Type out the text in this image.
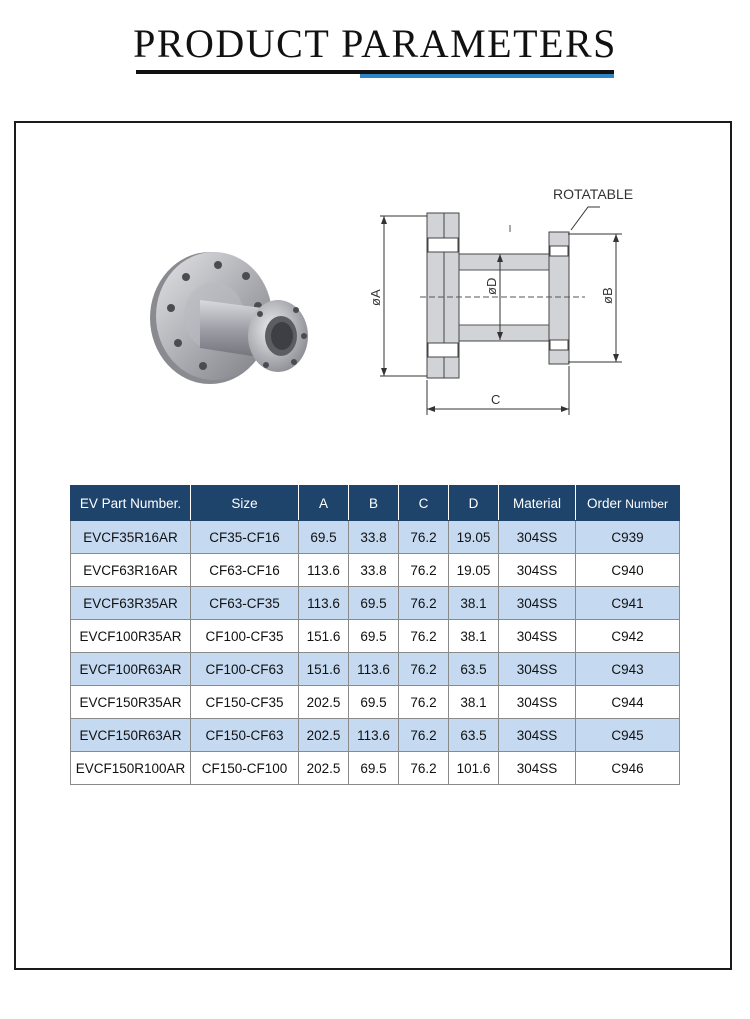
PRODUCT PARAMETERS
ROTATABLE
øA
øD
øB
C
EV Part Number.	Size	A	B	C	D	Material	Order Number
EVCF35R16AR	CF35-CF16	69.5	33.8	76.2	19.05	304SS	C939
EVCF63R16AR	CF63-CF16	113.6	33.8	76.2	19.05	304SS	C940
EVCF63R35AR	CF63-CF35	113.6	69.5	76.2	38.1	304SS	C941
EVCF100R35AR	CF100-CF35	151.6	69.5	76.2	38.1	304SS	C942
EVCF100R63AR	CF100-CF63	151.6	113.6	76.2	63.5	304SS	C943
EVCF150R35AR	CF150-CF35	202.5	69.5	76.2	38.1	304SS	C944
EVCF150R63AR	CF150-CF63	202.5	113.6	76.2	63.5	304SS	C945
EVCF150R100AR	CF150-CF100	202.5	69.5	76.2	101.6	304SS	C946
